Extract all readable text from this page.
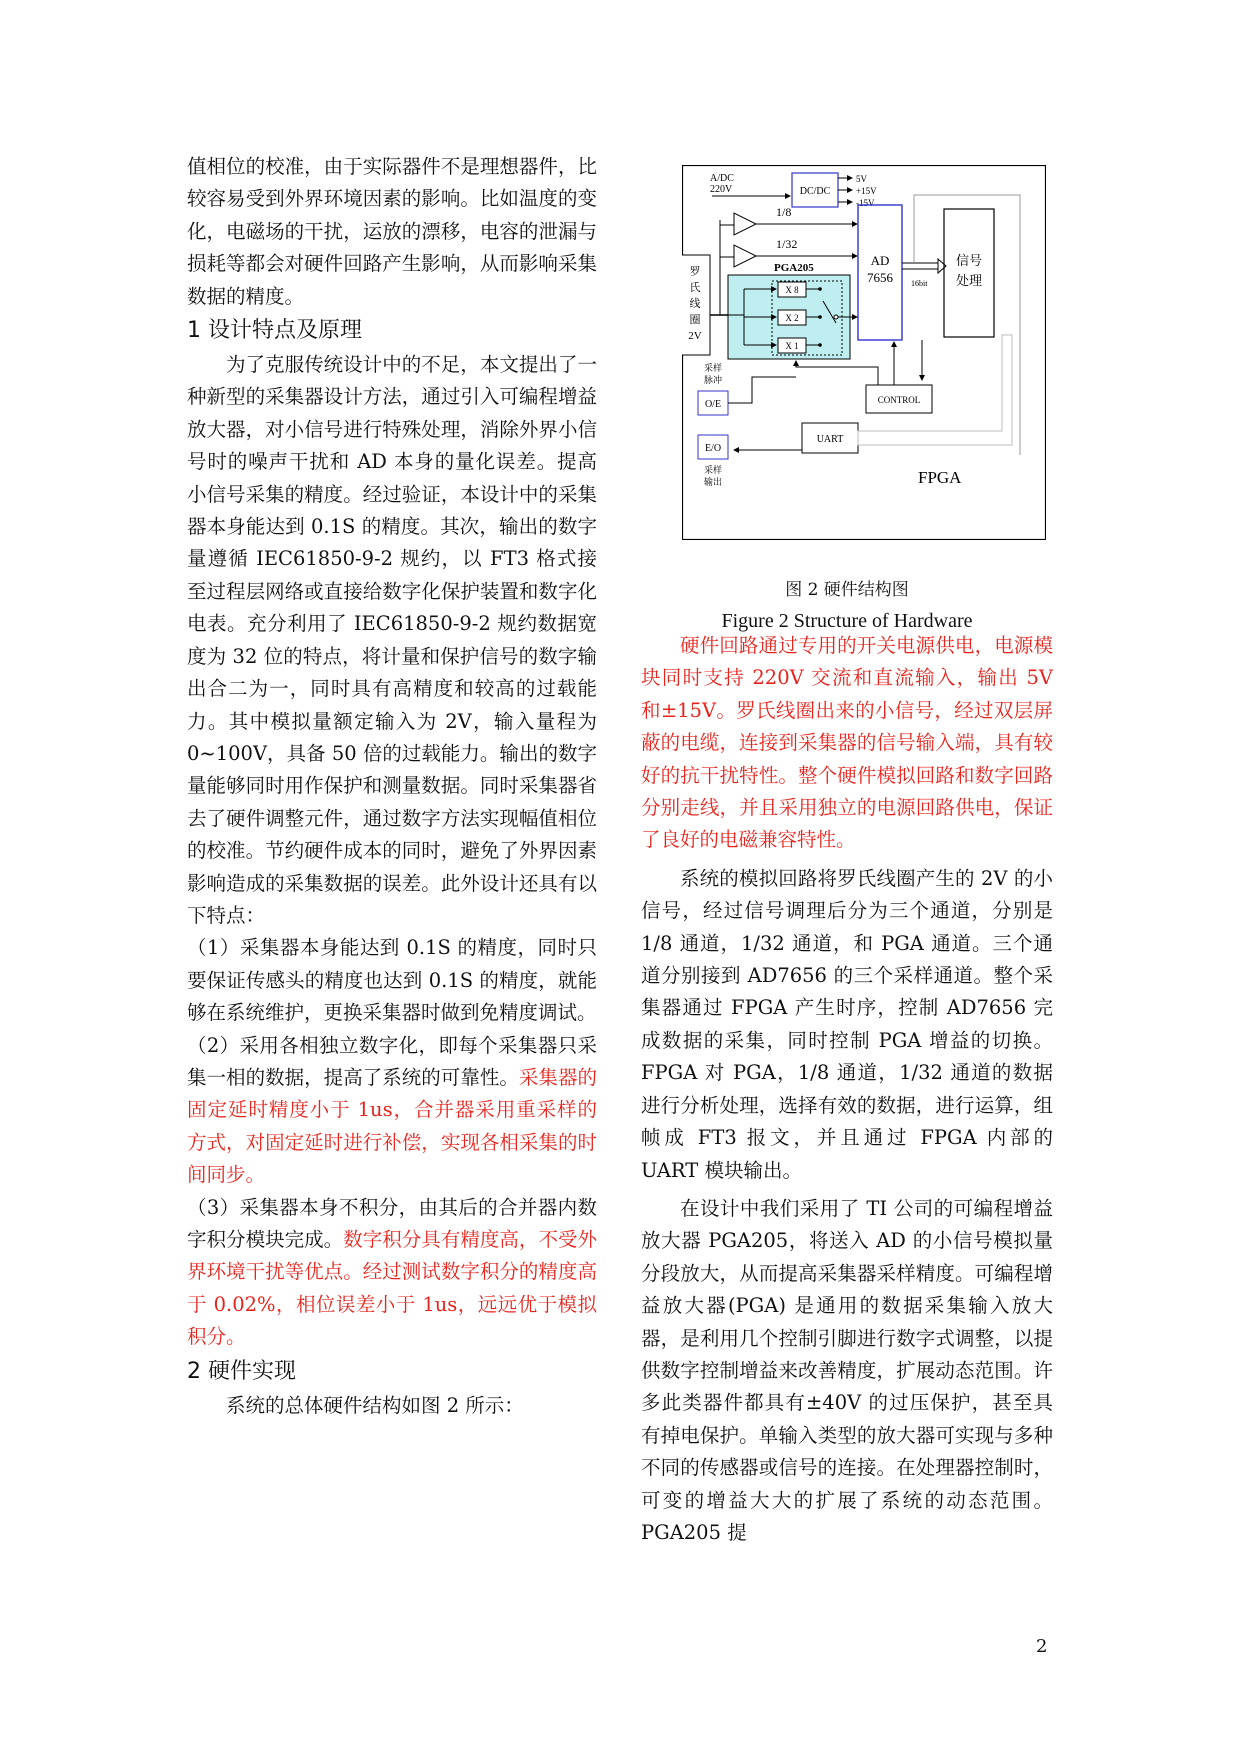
值相位的校准，由于实际器件不是理想器件，比较容易受到外界环境因素的影响。比如温度的变化，电磁场的干扰，运放的漂移，电容的泄漏与损耗等都会对硬件回路产生影响，从而影响采集数据的精度。

1 设计特点及原理

为了克服传统设计中的不足，本文提出了一种新型的采集器设计方法，通过引入可编程增益放大器，对小信号进行特殊处理，消除外界小信号时的噪声干扰和 AD 本身的量化误差。提高小信号采集的精度。经过验证，本设计中的采集器本身能达到 0.1S 的精度。其次，输出的数字量遵循 IEC61850-9-2 规约，以 FT3 格式接至过程层网络或直接给数字化保护装置和数字化电表。充分利用了 IEC61850-9-2 规约数据宽度为 32 位的特点，将计量和保护信号的数字输出合二为一，同时具有高精度和较高的过载能力。其中模拟量额定输入为 2V，输入量程为 0~100V，具备 50 倍的过载能力。输出的数字量能够同时用作保护和测量数据。同时采集器省去了硬件调整元件，通过数字方法实现幅值相位的校准。节约硬件成本的同时，避免了外界因素影响造成的采集数据的误差。此外设计还具有以下特点：

（1）采集器本身能达到 0.1S 的精度，同时只要保证传感头的精度也达到 0.1S 的精度，就能够在系统维护，更换采集器时做到免精度调试。

（2）采用各相独立数字化，即每个采集器只采集一相的数据，提高了系统的可靠性。采集器的固定延时精度小于 1us，合并器采用重采样的方式，对固定延时进行补偿，实现各相采集的时间同步。

（3）采集器本身不积分，由其后的合并器内数字积分模块完成。数字积分具有精度高，不受外界环境干扰等优点。经过测试数字积分的精度高于 0.02%，相位误差小于 1us，远远优于模拟积分。

2 硬件实现

系统的总体硬件结构如图 2 所示：

A/DC
220V	DC/DC
5V
+15V
-15V
罗
氏
线
圈
2V
1/8
1/32
PGA205
X 8
X 2
X 1
AD
7656 16bit
信号
处理
CONTROL
采样
脉冲
O/E
UART
E/O
采样
输出	FPGA
图 2 硬件结构图
Figure 2 Structure of Hardware

硬件回路通过专用的开关电源供电，电源模块同时支持 220V 交流和直流输入，输出 5V 和±15V。罗氏线圈出来的小信号，经过双层屏蔽的电缆，连接到采集器的信号输入端，具有较好的抗干扰特性。整个硬件模拟回路和数字回路分别走线，并且采用独立的电源回路供电，保证了良好的电磁兼容特性。

系统的模拟回路将罗氏线圈产生的 2V 的小信号，经过信号调理后分为三个通道，分别是 1/8 通道，1/32 通道，和 PGA 通道。三个通道分别接到 AD7656 的三个采样通道。整个采集器通过 FPGA 产生时序，控制 AD7656 完成数据的采集，同时控制 PGA 增益的切换。FPGA 对 PGA，1/8 通道，1/32 通道的数据进行分析处理，选择有效的数据，进行运算，组帧成 FT3 报文，并且通过 FPGA 内部的 UART 模块输出。

在设计中我们采用了 TI 公司的可编程增益放大器 PGA205，将送入 AD 的小信号模拟量分段放大，从而提高采集器采样精度。可编程增益放大器(PGA) 是通用的数据采集输入放大器，是利用几个控制引脚进行数字式调整，以提供数字控制增益来改善精度，扩展动态范围。许多此类器件都具有±40V 的过压保护，甚至具有掉电保护。单输入类型的放大器可实现与多种不同的传感器或信号的连接。在处理器控制时，可变的增益大大的扩展了系统的动态范围。PGA205 提

2
